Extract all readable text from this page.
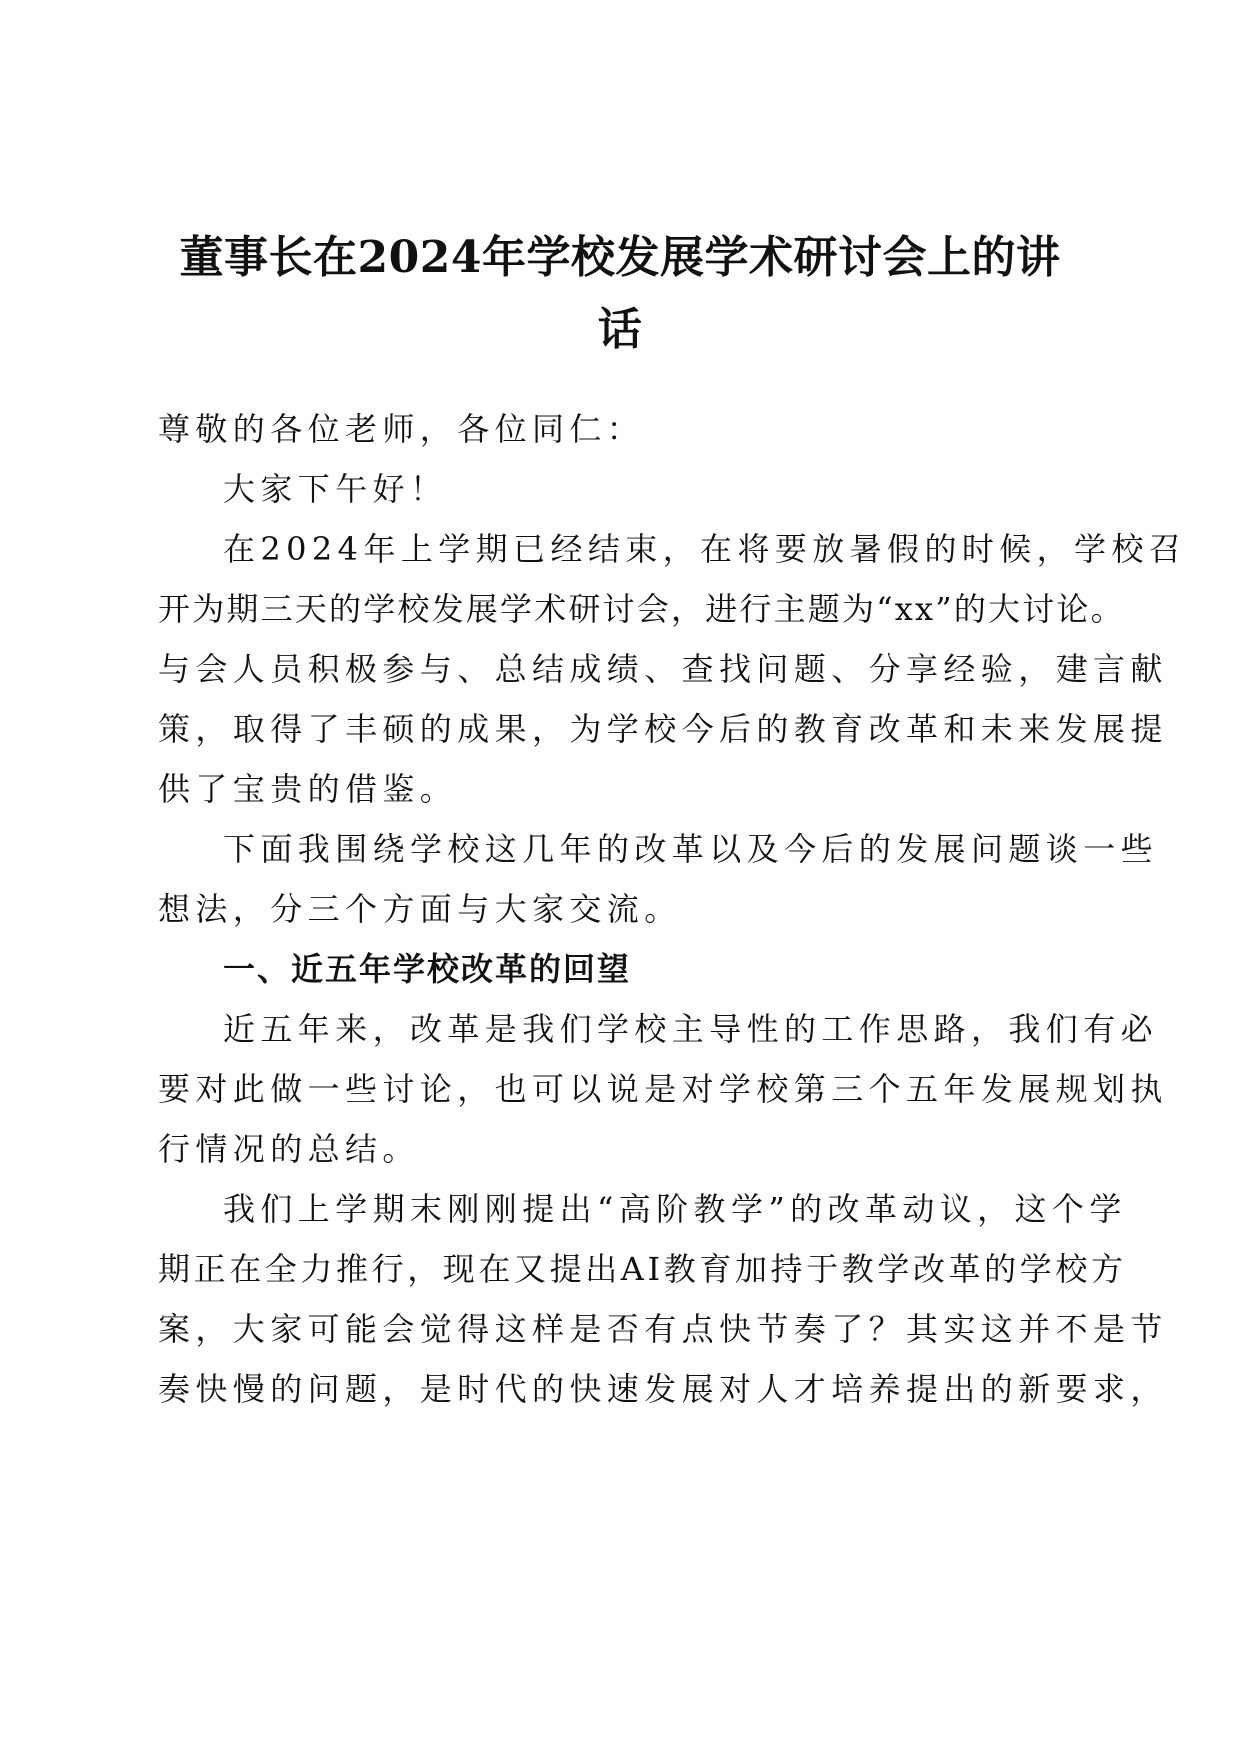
董事长在2024年学校发展学术研讨会上的讲
话
尊敬的各位老师，各位同仁：
大家下午好！
在2024年上学期已经结束，在将要放暑假的时候，学校召
开为期三天的学校发展学术研讨会，进行主题为“xx”的大讨论。
与会人员积极参与、总结成绩、查找问题、分享经验，建言献
策，取得了丰硕的成果，为学校今后的教育改革和未来发展提
供了宝贵的借鉴。
下面我围绕学校这几年的改革以及今后的发展问题谈一些
想法，分三个方面与大家交流。
一、近五年学校改革的回望
近五年来，改革是我们学校主导性的工作思路，我们有必
要对此做一些讨论，也可以说是对学校第三个五年发展规划执
行情况的总结。
我们上学期末刚刚提出“高阶教学”的改革动议，这个学
期正在全力推行，现在又提出AI教育加持于教学改革的学校方
案，大家可能会觉得这样是否有点快节奏了？其实这并不是节
奏快慢的问题，是时代的快速发展对人才培养提出的新要求，
